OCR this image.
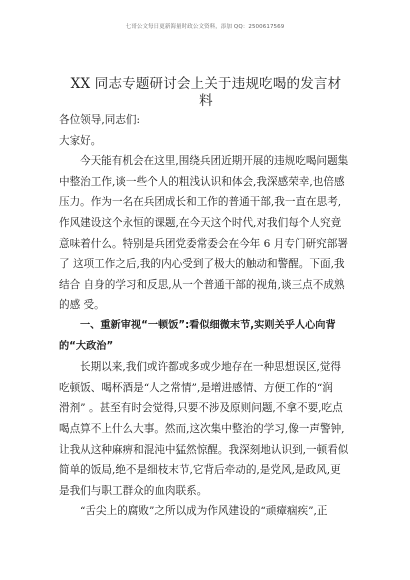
七哥公文每日更新海量时政公文资料，添加 QQ：2500617569
XX 同志专题研讨会上关于违规吃喝的发言材
料
各位领导,同志们:
大家好。
今天能有机会在这里,围绕兵团近期开展的违规吃喝问题集
中整治工作,谈一些个人的粗浅认识和体会,我深感荣幸,也倍感
压力。作为一名在兵团成长和工作的普通干部,我一直在思考,
作风建设这个永恒的课题,在今天这个时代,对我们每个人究竟
意味着什么。特别是兵团党委常委会在今年 6 月专门研究部署
了 这项工作之后,我的内心受到了极大的触动和警醒。下面,我
结合 自身的学习和反思,从一个普通干部的视角,谈三点不成熟
的感 受。
一、重新审视“一顿饭”:看似细微末节,实则关乎人心向背
的“大政治”
长期以来,我们或许都或多或少地存在一种思想误区,觉得
吃顿饭、喝杯酒是“人之常情”,是增进感情、方便工作的“润
滑剂” 。甚至有时会觉得,只要不涉及原则问题,不拿不要,吃点
喝点算不上什么大事。然而,这次集中整治的学习,像一声警钟,
让我从这种麻痹和混沌中猛然惊醒。我深刻地认识到,一顿看似
简单的饭局,绝不是细枝末节,它背后牵动的,是党风,是政风,更
是我们与职工群众的血肉联系。
“舌尖上的腐败”之所以成为作风建设的“顽瘴痼疾”,正
